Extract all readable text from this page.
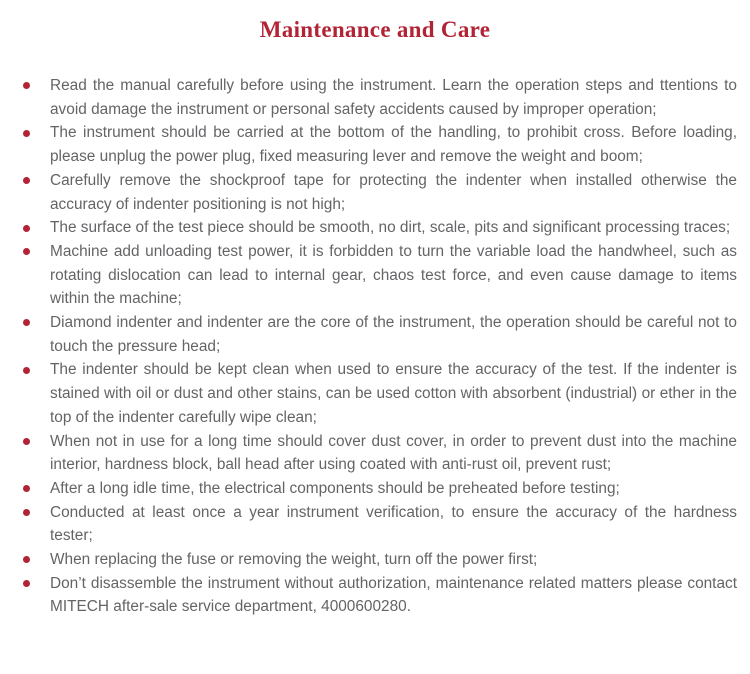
Maintenance and Care
Read the manual carefully before using the instrument. Learn the operation steps and ttentions to avoid damage the instrument or personal safety accidents caused by improper operation;
The instrument should be carried at the bottom of the handling, to prohibit cross. Before loading, please unplug the power plug, fixed measuring lever and remove the weight and boom;
Carefully remove the shockproof tape for protecting the indenter when installed otherwise the accuracy of indenter positioning is not high;
The surface of the test piece should be smooth, no dirt, scale, pits and significant processing traces;
Machine add unloading test power, it is forbidden to turn the variable load the handwheel, such as rotating dislocation can lead to internal gear, chaos test force, and even cause damage to items within the machine;
Diamond indenter and indenter are the core of the instrument, the operation should be careful not to touch the pressure head;
The indenter should be kept clean when used to ensure the accuracy of the test. If the indenter is stained with oil or dust and other stains, can be used cotton with absorbent (industrial) or ether in the top of the indenter carefully wipe clean;
When not in use for a long time should cover dust cover, in order to prevent dust into the machine interior, hardness block, ball head after using coated with anti-rust oil, prevent rust;
After a long idle time, the electrical components should be preheated before testing;
Conducted at least once a year instrument verification, to ensure the accuracy of the hardness tester;
When replacing the fuse or removing the weight, turn off the power first;
Don’t disassemble the instrument without authorization, maintenance related matters please contact MITECH after-sale service department, 4000600280.
